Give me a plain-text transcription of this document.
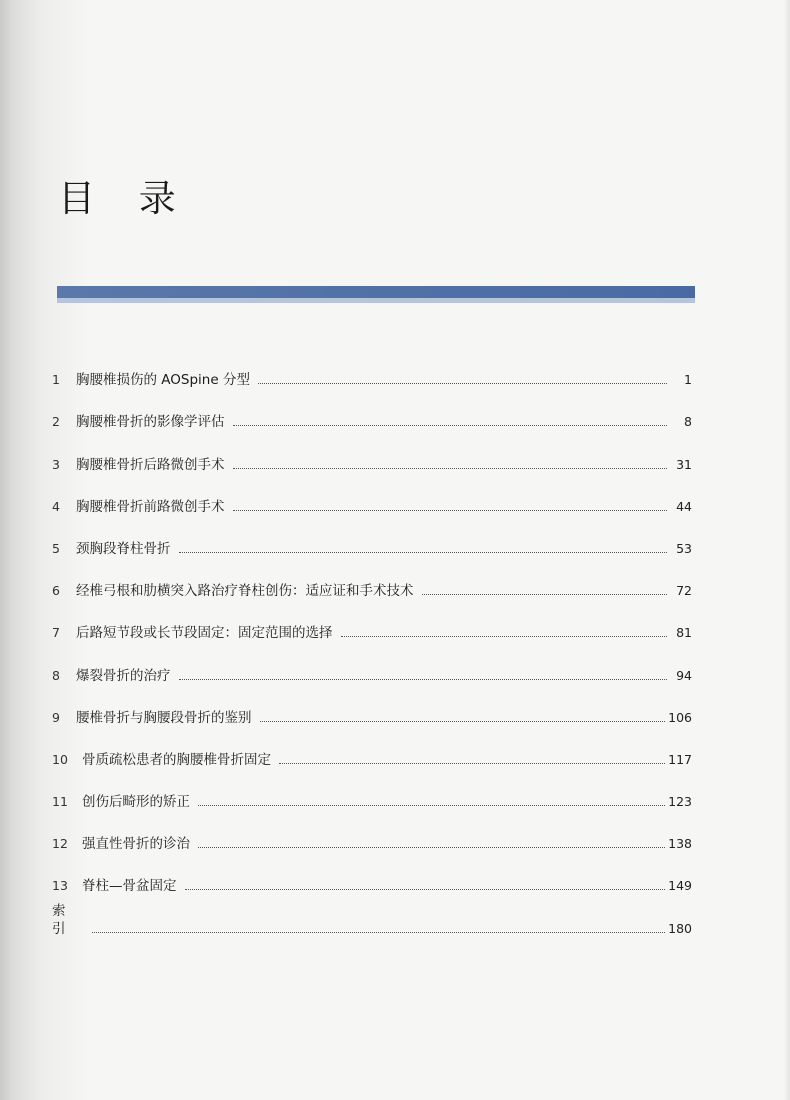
目 录
1	胸腰椎损伤的 AOSpine 分型	1
2	胸腰椎骨折的影像学评估	8
3	胸腰椎骨折后路微创手术	31
4	胸腰椎骨折前路微创手术	44
5	颈胸段脊柱骨折	53
6	经椎弓根和肋横突入路治疗脊柱创伤：适应证和手术技术	72
7	后路短节段或长节段固定：固定范围的选择	81
8	爆裂骨折的治疗	94
9	腰椎骨折与胸腰段骨折的鉴别	106
10	骨质疏松患者的胸腰椎骨折固定	117
11	创伤后畸形的矫正	123
12	强直性骨折的诊治	138
13	脊柱—骨盆固定	149
索 引	180
